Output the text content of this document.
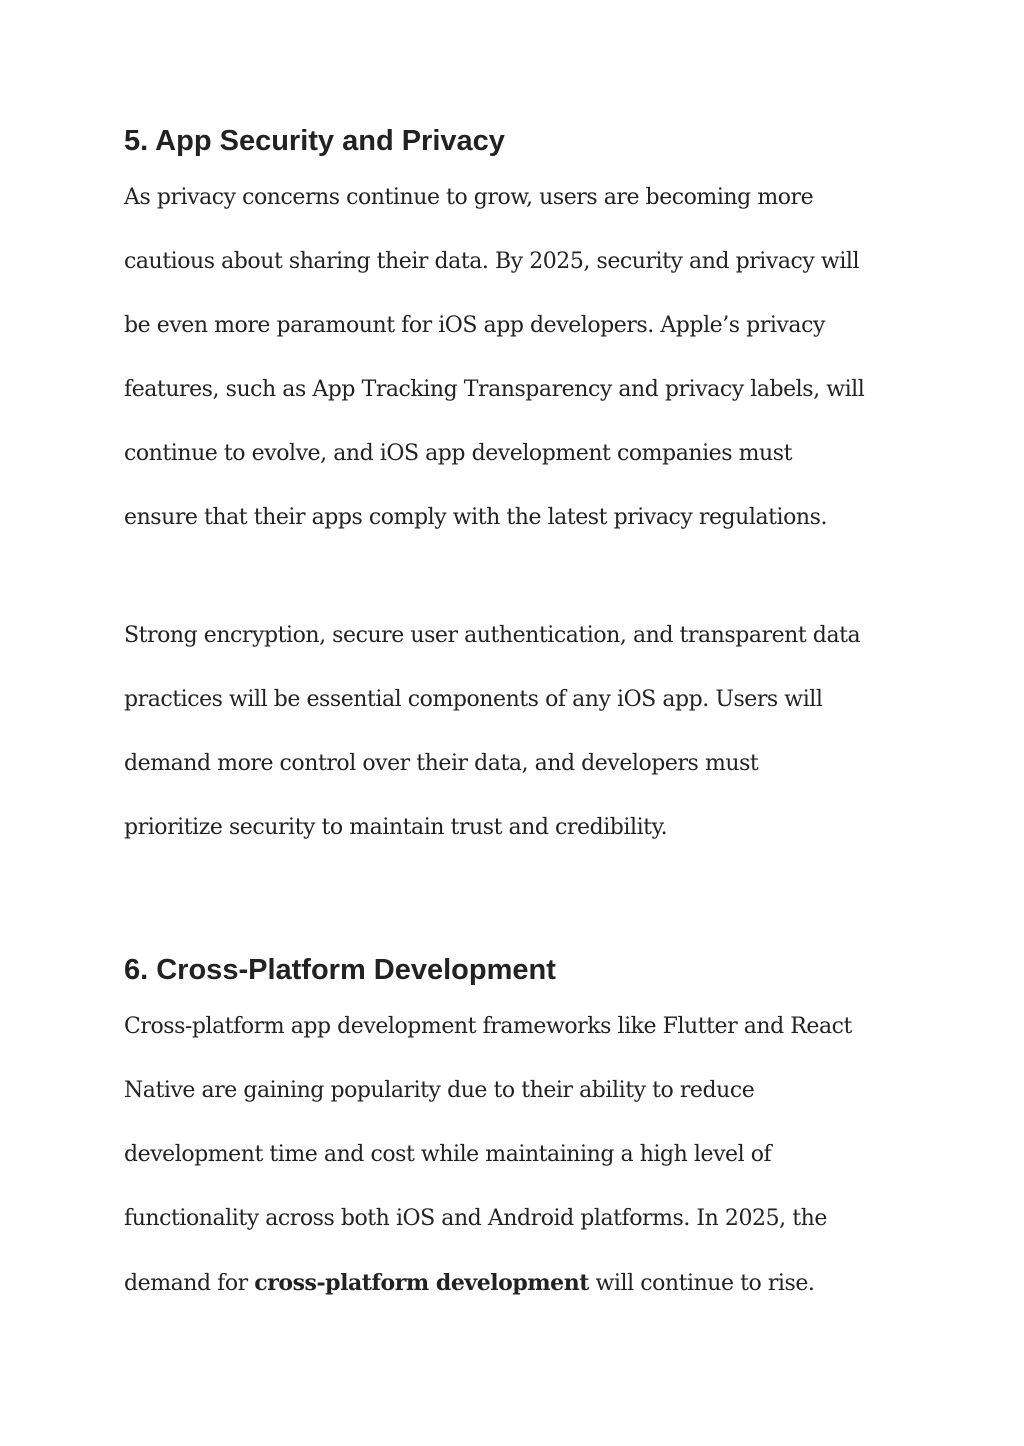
5. App Security and Privacy

As privacy concerns continue to grow, users are becoming more

cautious about sharing their data. By 2025, security and privacy will

be even more paramount for iOS app developers. Apple’s privacy

features, such as App Tracking Transparency and privacy labels, will

continue to evolve, and iOS app development companies must

ensure that their apps comply with the latest privacy regulations.

Strong encryption, secure user authentication, and transparent data

practices will be essential components of any iOS app. Users will

demand more control over their data, and developers must

prioritize security to maintain trust and credibility.

6. Cross-Platform Development

Cross-platform app development frameworks like Flutter and React

Native are gaining popularity due to their ability to reduce

development time and cost while maintaining a high level of

functionality across both iOS and Android platforms. In 2025, the

demand for cross-platform development will continue to rise.
